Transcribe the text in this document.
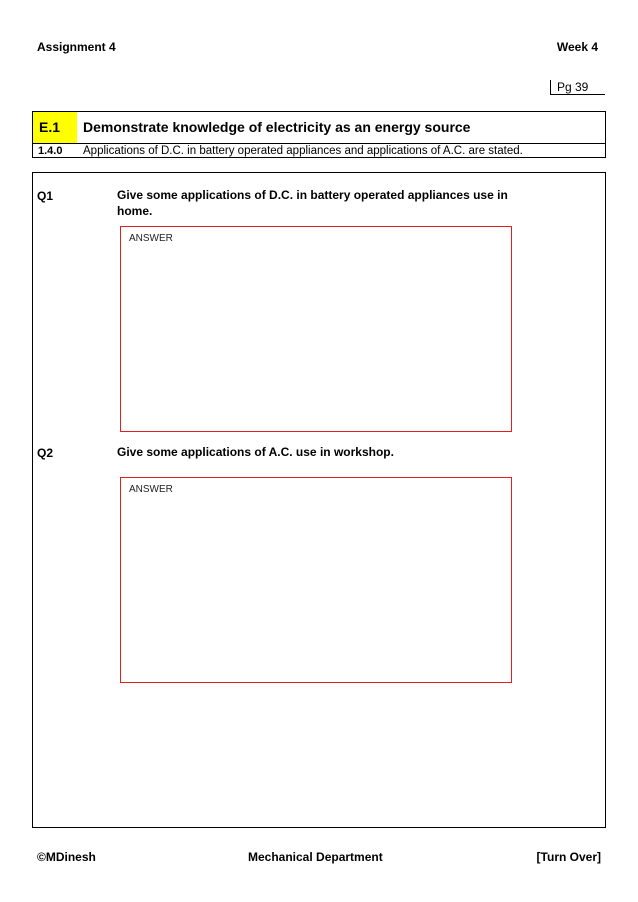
Assignment 4	Week 4
Pg 39
E.1	Demonstrate knowledge of electricity as an energy source
1.4.0 Applications of D.C. in battery operated appliances and applications of A.C. are stated.
Q1	Give some applications of D.C. in battery operated appliances use in home.
ANSWER
Q2	Give some applications of A.C. use in workshop.
ANSWER
©MDinesh	Mechanical Department	[Turn Over]
